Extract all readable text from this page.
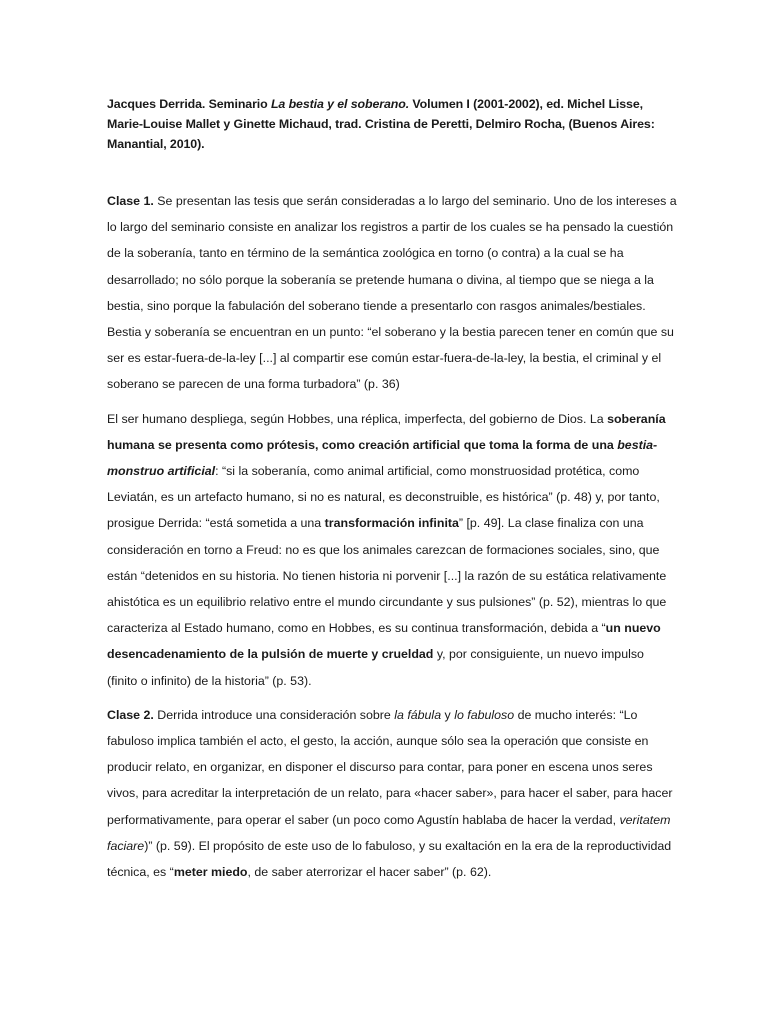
Jacques Derrida. Seminario La bestia y el soberano. Volumen I (2001-2002), ed. Michel Lisse, Marie-Louise Mallet y Ginette Michaud, trad. Cristina de Peretti, Delmiro Rocha, (Buenos Aires: Manantial, 2010).

Clase 1. Se presentan las tesis que serán consideradas a lo largo del seminario. Uno de los intereses a lo largo del seminario consiste en analizar los registros a partir de los cuales se ha pensado la cuestión de la soberanía, tanto en término de la semántica zoológica en torno (o contra) a la cual se ha desarrollado; no sólo porque la soberanía se pretende humana o divina, al tiempo que se niega a la bestia, sino porque la fabulación del soberano tiende a presentarlo con rasgos animales/bestiales. Bestia y soberanía se encuentran en un punto: “el soberano y la bestia parecen tener en común que su ser es estar-fuera-de-la-ley [...] al compartir ese común estar-fuera-de-la-ley, la bestia, el criminal y el soberano se parecen de una forma turbadora” (p. 36)

El ser humano despliega, según Hobbes, una réplica, imperfecta, del gobierno de Dios. La soberanía humana se presenta como prótesis, como creación artificial que toma la forma de una bestia-monstruo artificial: “si la soberanía, como animal artificial, como monstruosidad protética, como Leviatán, es un artefacto humano, si no es natural, es deconstruible, es histórica” (p. 48) y, por tanto, prosigue Derrida: “está sometida a una transformación infinita” [p. 49]. La clase finaliza con una consideración en torno a Freud: no es que los animales carezcan de formaciones sociales, sino, que están “detenidos en su historia. No tienen historia ni porvenir [...] la razón de su estática relativamente ahistótica es un equilibrio relativo entre el mundo circundante y sus pulsiones” (p. 52), mientras lo que caracteriza al Estado humano, como en Hobbes, es su continua transformación, debida a “un nuevo desencadenamiento de la pulsión de muerte y crueldad y, por consiguiente, un nuevo impulso (finito o infinito) de la historia” (p. 53).

Clase 2. Derrida introduce una consideración sobre la fábula y lo fabuloso de mucho interés: “Lo fabuloso implica también el acto, el gesto, la acción, aunque sólo sea la operación que consiste en producir relato, en organizar, en disponer el discurso para contar, para poner en escena unos seres vivos, para acreditar la interpretación de un relato, para «hacer saber», para hacer el saber, para hacer performativamente, para operar el saber (un poco como Agustín hablaba de hacer la verdad, veritatem faciare)” (p. 59). El propósito de este uso de lo fabuloso, y su exaltación en la era de la reproductividad técnica, es “meter miedo, de saber aterrorizar el hacer saber” (p. 62).
